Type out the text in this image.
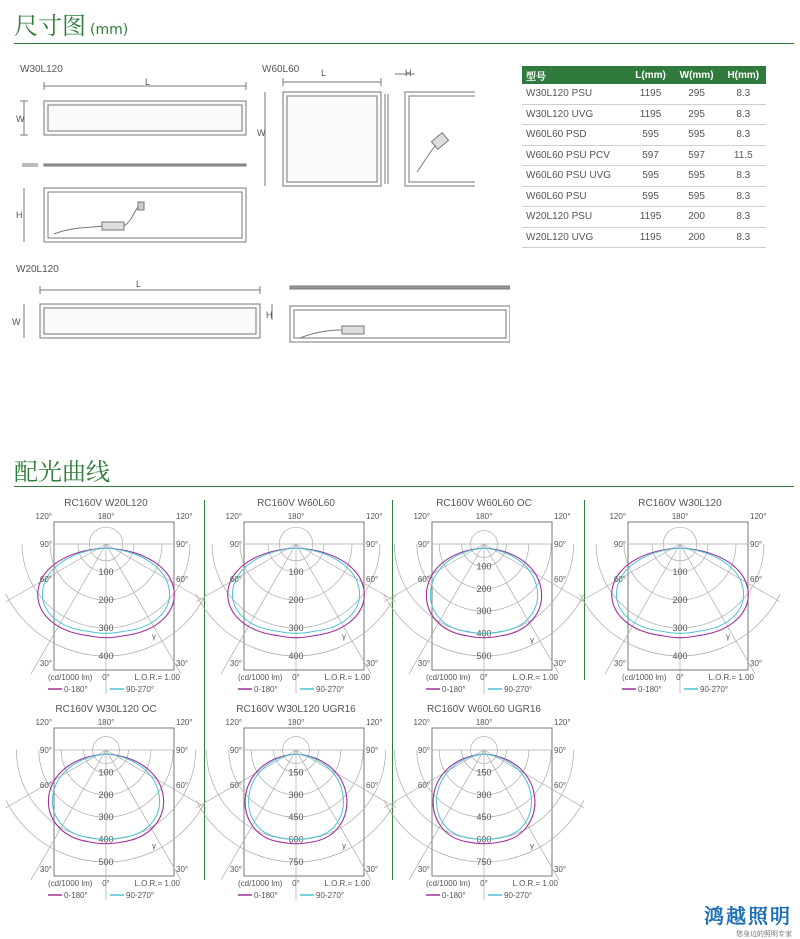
尺寸图 (mm)
W30L120
L
W
H
W60L60 L
W
H
W20L120
L
W
H
型号	L(mm)	W(mm)	H(mm)
W30L120 PSU	1195	295	8.3
W30L120 UVG	1195	295	8.3
W60L60 PSD	595	595	8.3
W60L60 PSU PCV	597	597	11.5
W60L60 PSU UVG	595	595	8.3
W60L60 PSU	595	595	8.3
W20L120 PSU	1195	200	8.3
W20L120 UVG	1195	200	8.3
配光曲线
RC160V W20L120
100
200
300
400
180°
120°	120°
90°	90°
60°	60°
30°	30°
0°
γ
(cd/1000 lm)	L.O.R.= 1.00
0-180°	90-270°
RC160V W60L60
100
200
300
400
180°
120°	120°
90°	90°
60°	60°
30°	30°
0°
γ
(cd/1000 lm)	L.O.R.= 1.00
0-180°	90-270°
RC160V W60L60 OC
100
200
300
400
500
180°
120°	120°
90°	90°
60°	60°
30°	30°
0°
γ
(cd/1000 lm)	L.O.R.= 1.00
0-180°	90-270°
RC160V W30L120
100
200
300
400
180°
120°	120°
90°	90°
60°	60°
30°	30°
0°
γ
(cd/1000 lm)	L.O.R.= 1.00
0-180°	90-270°
RC160V W30L120 OC
100
200
300
400
500
180°
120°	120°
90°	90°
60°	60°
30°	30°
0°
γ
(cd/1000 lm)	L.O.R.= 1.00
0-180°	90-270°
RC160V W30L120 UGR16
150
300
450
600
750
180°
120°	120°
90°	90°
60°	60°
30°	30°
0°
γ
(cd/1000 lm)	L.O.R.= 1.00
0-180°	90-270°
RC160V W60L60 UGR16
150
300
450
600
750
180°
120°	120°
90°	90°
60°	60°
30°	30°
0°
γ
(cd/1000 lm)	L.O.R.= 1.00
0-180°	90-270°
鸿越照明
您身边的照明专家
